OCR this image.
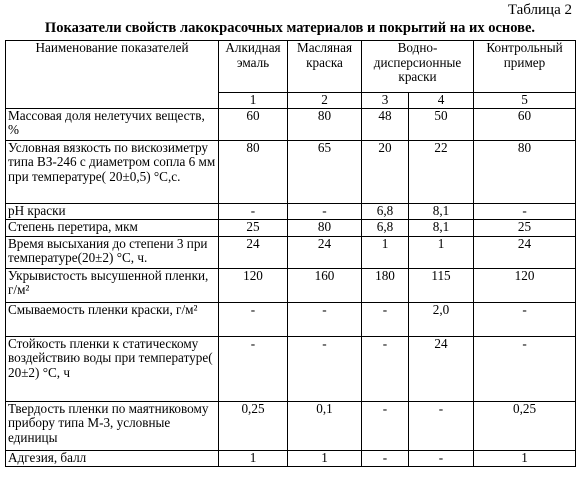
Таблица 2
Показатели свойств лакокрасочных материалов и покрытий на их основе.
Наименование показателей	Алкидная эмаль	Масляная краска	Водно-дисперсионные краски		Контрольный пример
	1	2	3	4	5
Массовая доля нелетучих веществ, %	60	80	48	50	60
Условная вязкость по вискозиметру типа ВЗ-246 с диаметром сопла 6 мм при температуре( 20±0,5) °С,с.	80	65	20	22	80
рН краски	-	-	6,8	8,1	-
Степень перетира, мкм	25	80	6,8	8,1	25
Время высыхания до степени 3 при температуре(20±2) °С, ч.	24	24	1	1	24
Укрывистость высушенной пленки, г/м²	120	160	180	115	120
Смываемость пленки краски, г/м²	-	-	-	2,0	-
Стойкость пленки к статическому воздействию воды при температуре( 20±2) °С, ч	-	-	-	24	-
Твердость пленки по маятниковому прибору типа М-3, условные единицы	0,25	0,1	-	-	0,25
Адгезия, балл	1	1	-	-	1
